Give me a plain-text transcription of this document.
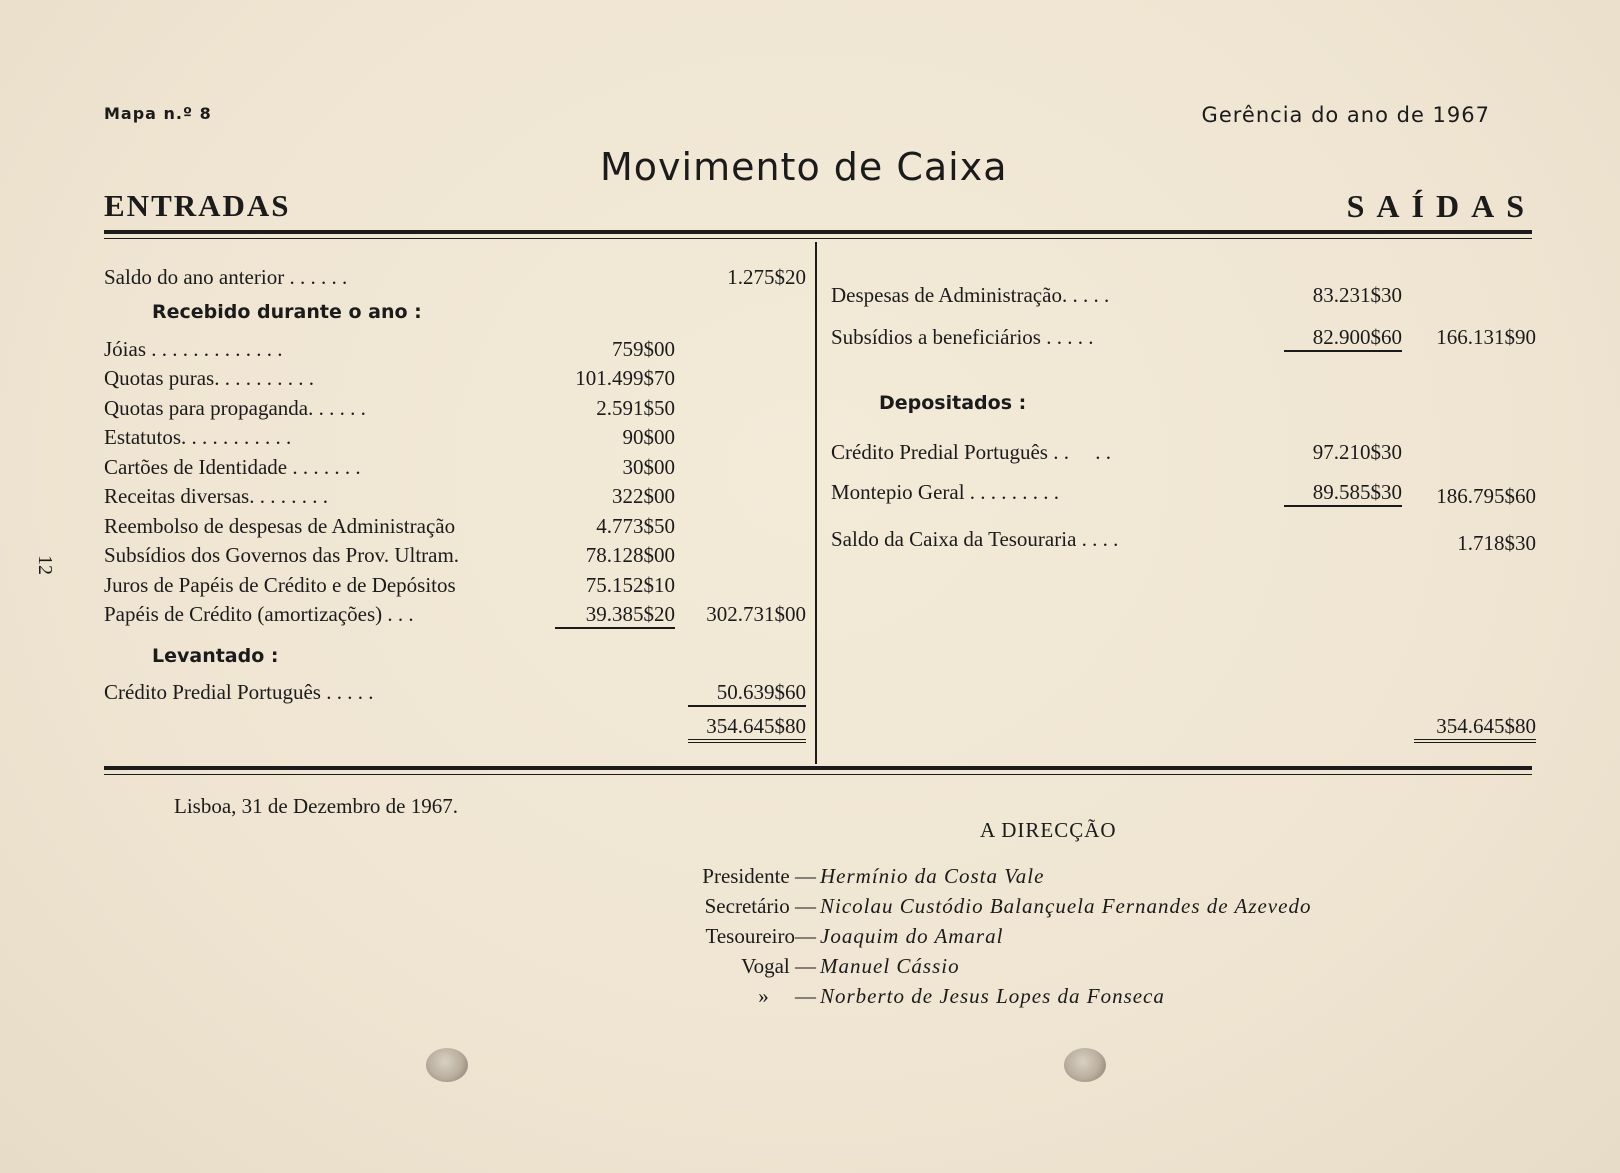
Mapa n.º 8	Gerência do ano de 1967
Movimento de Caixa
ENTRADAS	SAÍDAS
12
Saldo do ano anterior . . . . . .	1.275$20
Recebido durante o ano :
Jóias . . . . . . . . . . . . .	759$00
Quotas puras. . . . . . . . . .	101.499$70
Quotas para propaganda. . . . . .	2.591$50
Estatutos. . . . . . . . . . .	90$00
Cartões de Identidade . . . . . . .	30$00
Receitas diversas. . . . . . . .	322$00
Reembolso de despesas de Administração	4.773$50
Subsídios dos Governos das Prov. Ultram.	78.128$00
Juros de Papéis de Crédito e de Depósitos	75.152$10
Papéis de Crédito (amortizações) . . .	39.385$20 302.731$00
Levantado :
Crédito Predial Português . . . . .	50.639$60
354.645$80
Despesas de Administração. . . . .	83.231$30
Subsídios a beneficiários . . . . .	82.900$60 166.131$90
Depositados :
Crédito Predial Português . .     . .	97.210$30
Montepio Geral . . . . . . . . .	89.585$30 186.795$60
Saldo da Caixa da Tesouraria . . . .	1.718$30
354.645$80
Lisboa, 31 de Dezembro de 1967.
A DIRECÇÃO
Presidente — Hermínio da Costa Vale
Secretário — Nicolau Custódio Balançuela Fernandes de Azevedo
Tesoureiro— Joaquim do Amaral
Vogal — Manuel Cássio
»     — Norberto de Jesus Lopes da Fonseca
